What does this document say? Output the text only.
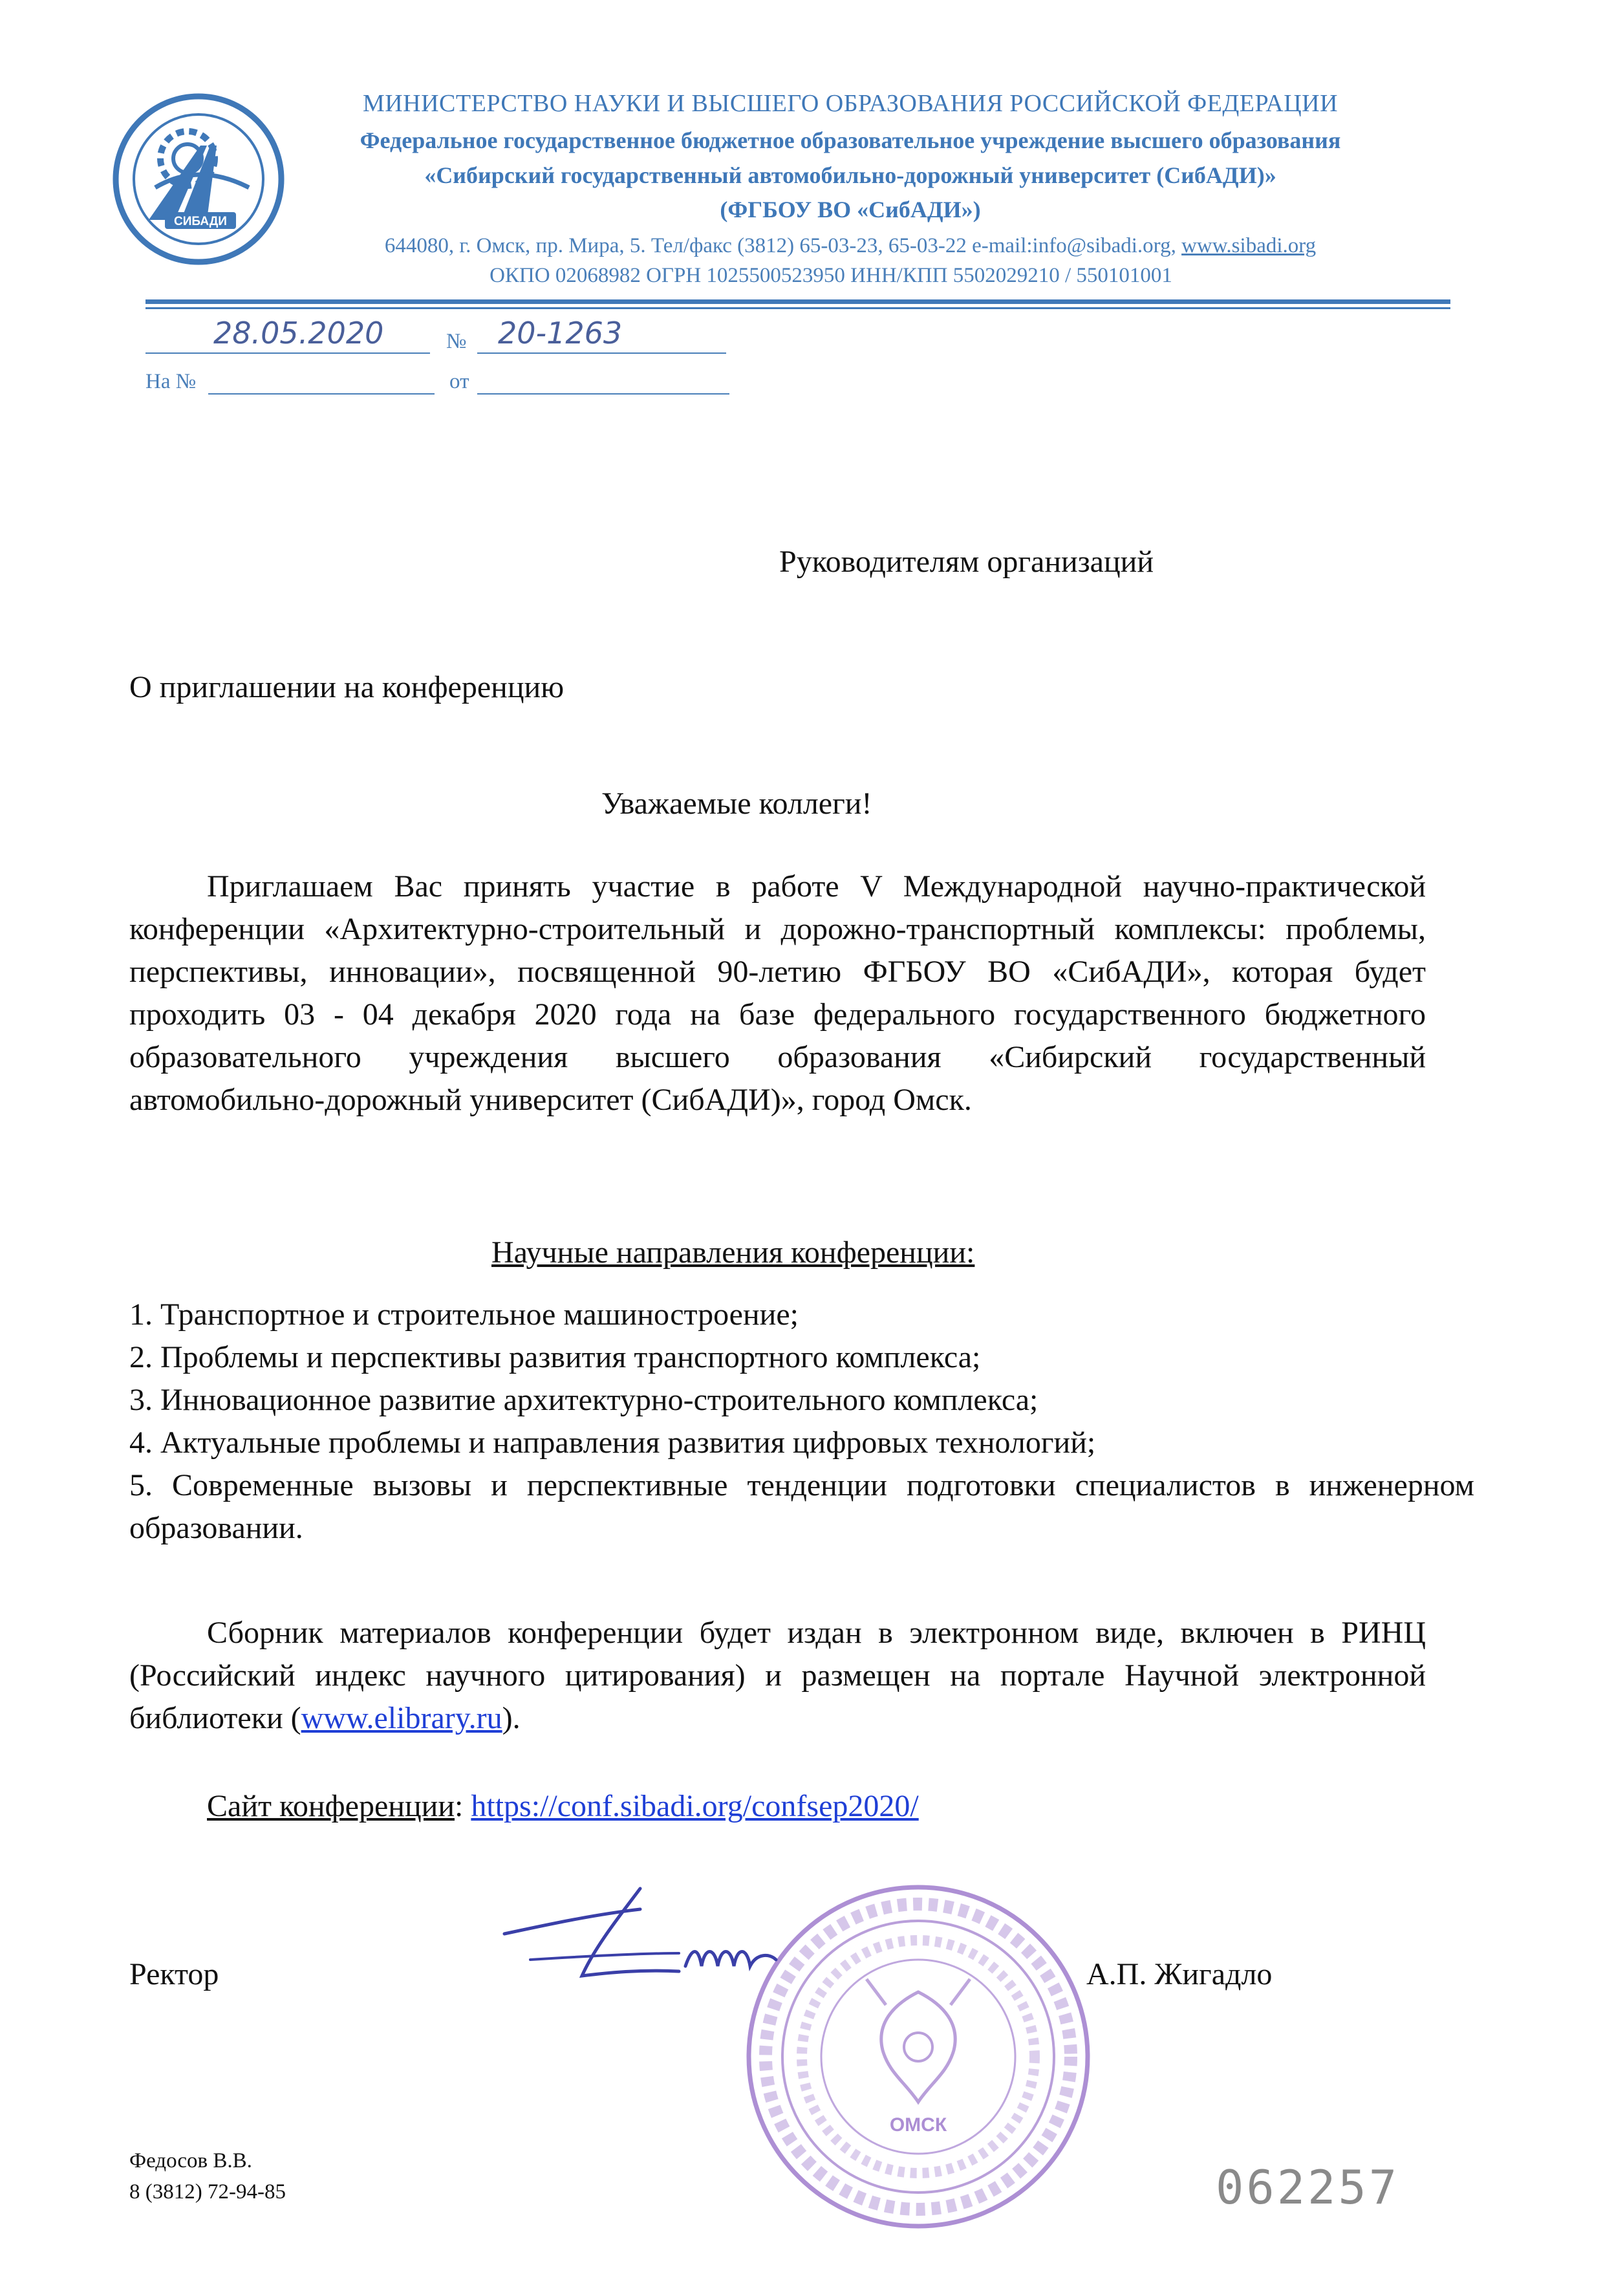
СИБАДИ
МИНИСТЕРСТВО НАУКИ И ВЫСШЕГО ОБРАЗОВАНИЯ РОССИЙСКОЙ ФЕДЕРАЦИИ
Федеральное государственное бюджетное образовательное учреждение высшего образования
«Сибирский государственный автомобильно-дорожный университет (СибАДИ)»
(ФГБОУ ВО «СибАДИ»)
644080, г. Омск, пр. Мира, 5. Тел/факс (3812) 65-03-23, 65-03-22 e-mail:info@sibadi.org, www.sibadi.org
ОКПО 02068982 ОГРН 1025500523950 ИНН/КПП 5502029210 / 550101001
28.05.2020	№ 20-1263
На №	от
Руководителям организаций
О приглашении на конференцию
Уважаемые коллеги!
Приглашаем Вас принять участие в работе V Международной научно-практической конференции «Архитектурно-строительный и дорожно-транспортный комплексы: проблемы, перспективы, инновации», посвященной 90-летию ФГБОУ ВО «СибАДИ», которая будет проходить 03 - 04 декабря 2020 года на базе федерального государственного бюджетного образовательного учреждения высшего образования «Сибирский государственный автомобильно-дорожный университет (СибАДИ)», город Омск.
Научные направления конференции:
1. Транспортное и строительное машиностроение;
2. Проблемы и перспективы развития транспортного комплекса;
3. Инновационное развитие архитектурно-строительного комплекса;
4. Актуальные проблемы и направления развития цифровых технологий;
5. Современные вызовы и перспективные тенденции подготовки специалистов в инженерном образовании.
Сборник материалов конференции будет издан в электронном виде, включен в РИНЦ (Российский индекс научного цитирования) и размещен на портале Научной электронной библиотеки (www.elibrary.ru).
Сайт конференции: https://conf.sibadi.org/confsep2020/
Ректор
ОМСК
А.П. Жигадло
Федосов В.В.
8 (3812) 72-94-85	062257
